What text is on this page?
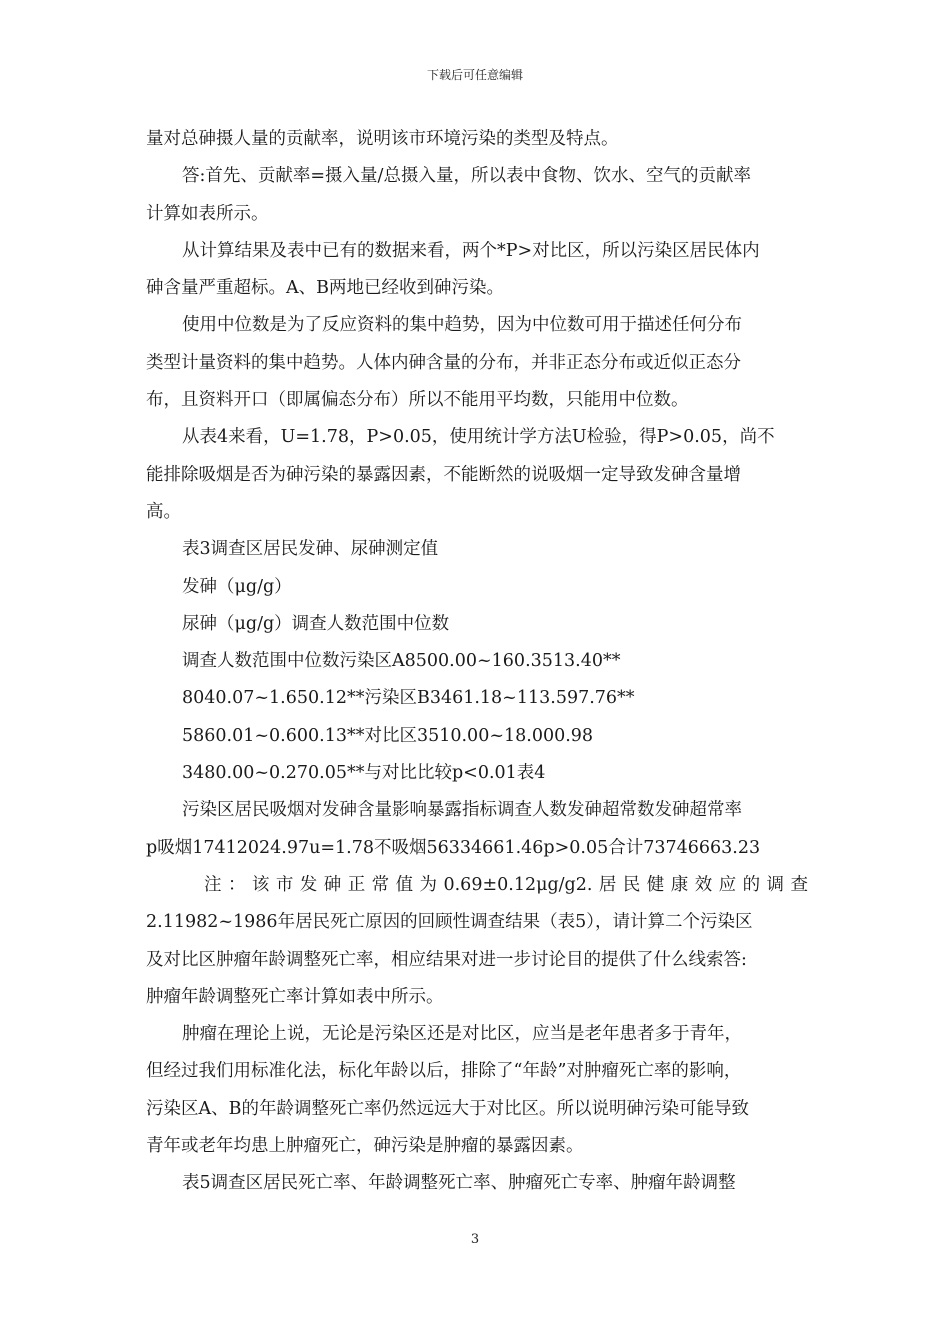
下载后可任意编辑
量对总砷摄人量的贡献率，说明该市环境污染的类型及特点。
答:首先、贡献率=摄入量/总摄入量，所以表中食物、饮水、空气的贡献率
计算如表所示。
从计算结果及表中已有的数据来看，两个*P>对比区，所以污染区居民体内
砷含量严重超标。A、B两地已经收到砷污染。
使用中位数是为了反应资料的集中趋势，因为中位数可用于描述任何分布
类型计量资料的集中趋势。人体内砷含量的分布，并非正态分布或近似正态分
布，且资料开口（即属偏态分布）所以不能用平均数，只能用中位数。
从表4来看，U=1.78，P>0.05，使用统计学方法U检验，得P>0.05，尚不
能排除吸烟是否为砷污染的暴露因素，不能断然的说吸烟一定导致发砷含量增
高。
表3调查区居民发砷、尿砷测定值
发砷（μg/g）
尿砷（μg/g）调查人数范围中位数
调查人数范围中位数污染区A8500.00~160.3513.40**
8040.07~1.650.12**污染区B3461.18~113.597.76**
5860.01~0.600.13**对比区3510.00~18.000.98
3480.00~0.270.05**与对比比较p<0.01表4
污染区居民吸烟对发砷含量影响暴露指标调查人数发砷超常数发砷超常率
p吸烟17412024.97u=1.78不吸烟56334661.46p>0.05合计73746663.23
注：该市发砷正常值为0.69±0.12μg/g2.居民健康效应的调查
2.11982~1986年居民死亡原因的回顾性调查结果（表5），请计算二个污染区
及对比区肿瘤年龄调整死亡率，相应结果对进一步讨论目的提供了什么线索答:
肿瘤年龄调整死亡率计算如表中所示。
肿瘤在理论上说，无论是污染区还是对比区，应当是老年患者多于青年，
但经过我们用标准化法，标化年龄以后，排除了“年龄”对肿瘤死亡率的影响，
污染区A、B的年龄调整死亡率仍然远远大于对比区。所以说明砷污染可能导致
青年或老年均患上肿瘤死亡，砷污染是肿瘤的暴露因素。
表5调查区居民死亡率、年龄调整死亡率、肿瘤死亡专率、肿瘤年龄调整
3
